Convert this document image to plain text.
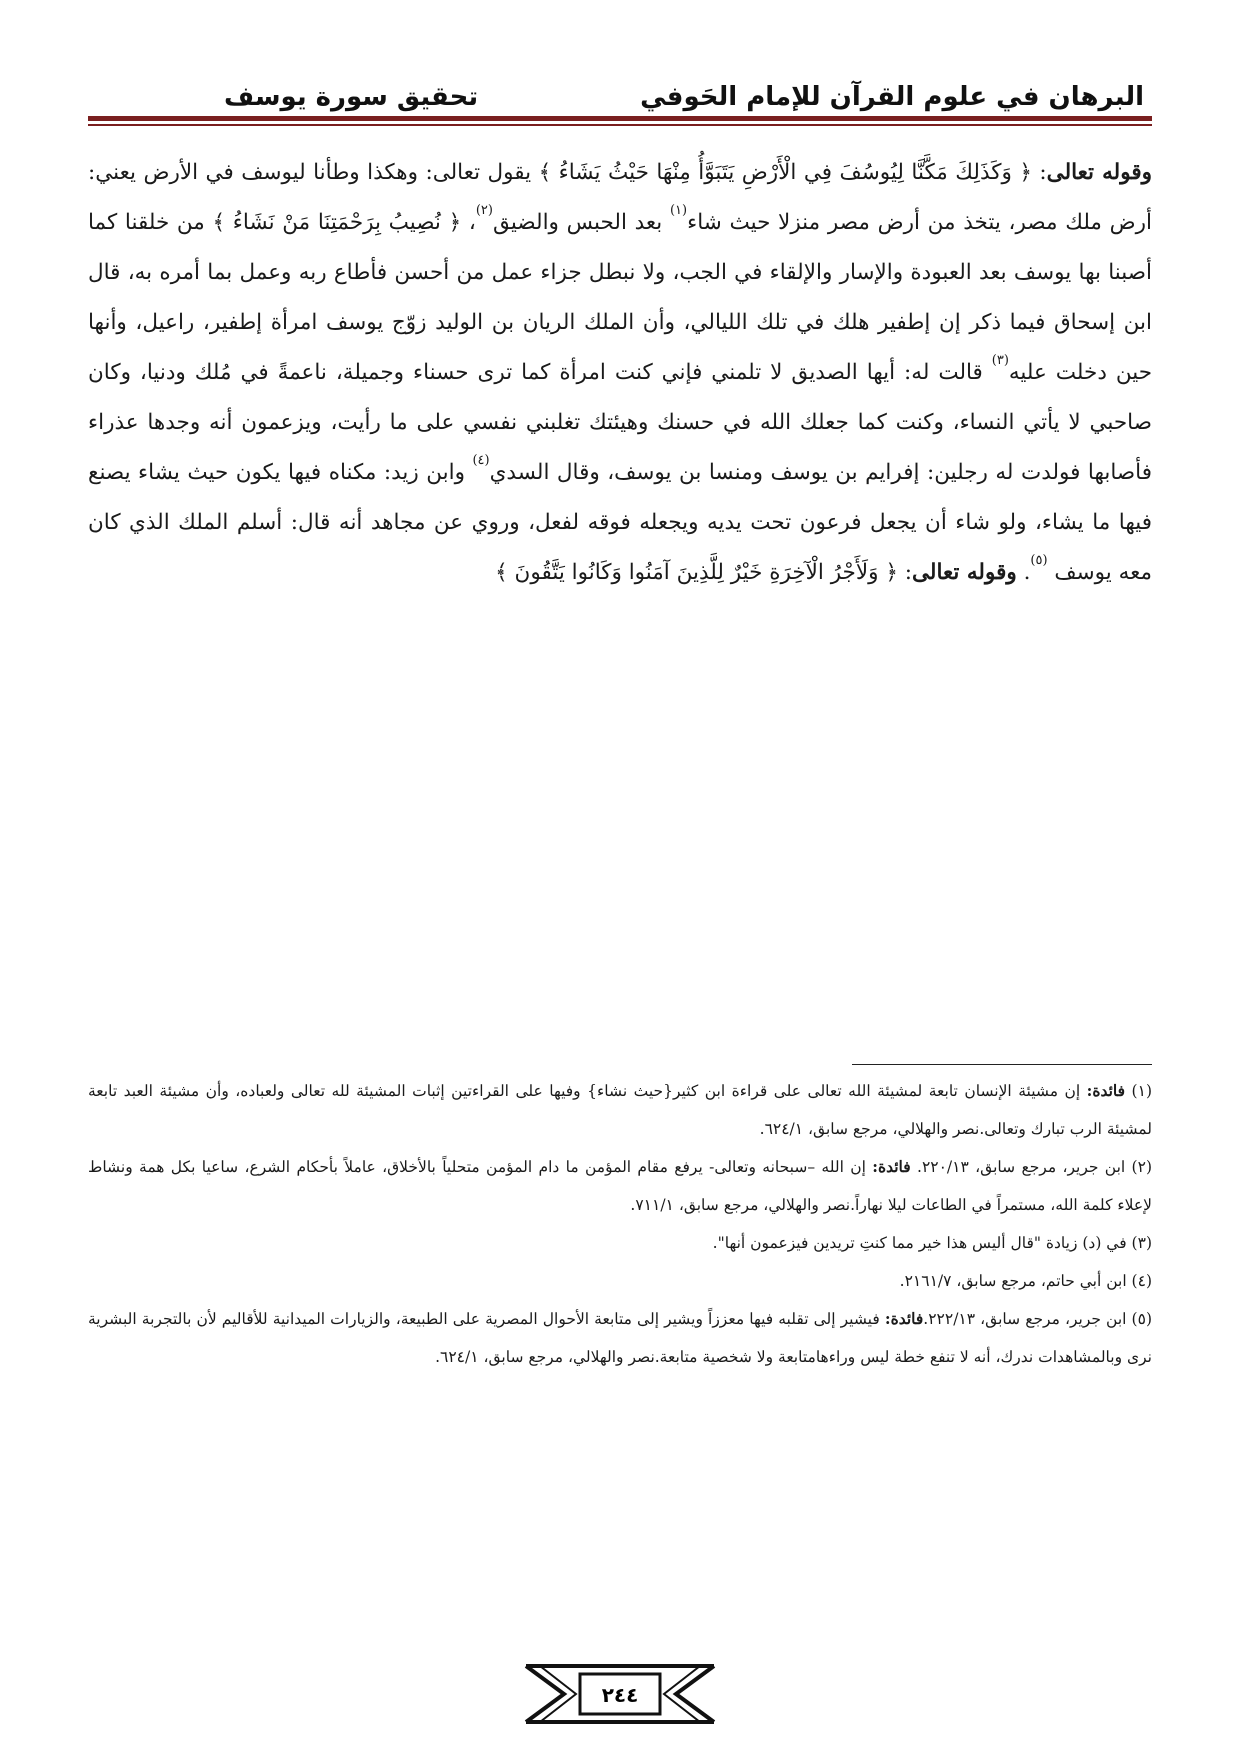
البرهان في علوم القرآن للإمام الحَوفي
تحقيق سورة يوسف

وقوله تعالى: ﴿ وَكَذَلِكَ مَكَّنَّا لِيُوسُفَ فِي الْأَرْضِ يَتَبَوَّأُ مِنْهَا حَيْثُ يَشَاءُ ﴾ يقول تعالى: وهكذا وطأنا ليوسف في الأرض يعني: أرض ملك مصر، يتخذ من أرض مصر منزلا حيث شاء$^{(١)}$ بعد الحبس والضيق$^{(٢)}$، ﴿ نُصِيبُ بِرَحْمَتِنَا مَنْ نَشَاءُ ﴾ من خلقنا كما أصبنا بها يوسف بعد العبودة والإسار والإلقاء في الجب، ولا نبطل جزاء عمل من أحسن فأطاع ربه وعمل بما أمره به، قال ابن إسحاق فيما ذكر إن إطفير هلك في تلك الليالي، وأن الملك الريان بن الوليد زوّج يوسف امرأة إطفير، راعيل، وأنها حين دخلت عليه$^{(٣)}$ قالت له: أيها الصديق لا تلمني فإني كنت امرأة كما ترى حسناء وجميلة، ناعمةً في مُلك ودنيا، وكان صاحبي لا يأتي النساء، وكنت كما جعلك الله في حسنك وهيئتك تغلبني نفسي على ما رأيت، ويزعمون أنه وجدها عذراء فأصابها فولدت له رجلين: إفرايم بن يوسف ومنسا بن يوسف، وقال السدي$^{(٤)}$ وابن زيد: مكناه فيها يكون حيث يشاء يصنع فيها ما يشاء، ولو شاء أن يجعل فرعون تحت يديه ويجعله فوقه لفعل، وروي عن مجاهد أنه قال: أسلم الملك الذي كان معه يوسف $^{(٥)}$. وقوله تعالى: ﴿ وَلَأَجْرُ الْآخِرَةِ خَيْرٌ لِلَّذِينَ آمَنُوا وَكَانُوا يَتَّقُونَ ﴾

(١) فائدة: إن مشيئة الإنسان تابعة لمشيئة الله تعالى على قراءة ابن كثير{حيث نشاء} وفيها على القراءتين إثبات المشيئة لله تعالى ولعباده، وأن مشيئة العبد تابعة لمشيئة الرب تبارك وتعالى.نصر والهلالي، مرجع سابق، ٦٢٤/١.

(٢) ابن جرير، مرجع سابق، ٢٢٠/١٣. فائدة: إن الله –سبحانه وتعالى- يرفع مقام المؤمن ما دام المؤمن متحلياً بالأخلاق، عاملاً بأحكام الشرع، ساعيا بكل همة ونشاط لإعلاء كلمة الله، مستمراً في الطاعات ليلا نهاراً.نصر والهلالي، مرجع سابق، ٧١١/١.

(٣) في (د) زيادة "قال أليس هذا خير مما كنتِ تريدين فيزعمون أنها".

(٤) ابن أبي حاتم، مرجع سابق، ٢١٦١/٧.

(٥) ابن جرير، مرجع سابق، ٢٢٢/١٣.فائدة: فيشير إلى تقلبه فيها معززاً ويشير إلى متابعة الأحوال المصرية على الطبيعة، والزيارات الميدانية للأقاليم لأن بالتجربة البشرية نرى وبالمشاهدات ندرك، أنه لا تنفع خطة ليس وراءهامتابعة ولا شخصية متابعة.نصر والهلالي، مرجع سابق، ٦٢٤/١.

٢٤٤
